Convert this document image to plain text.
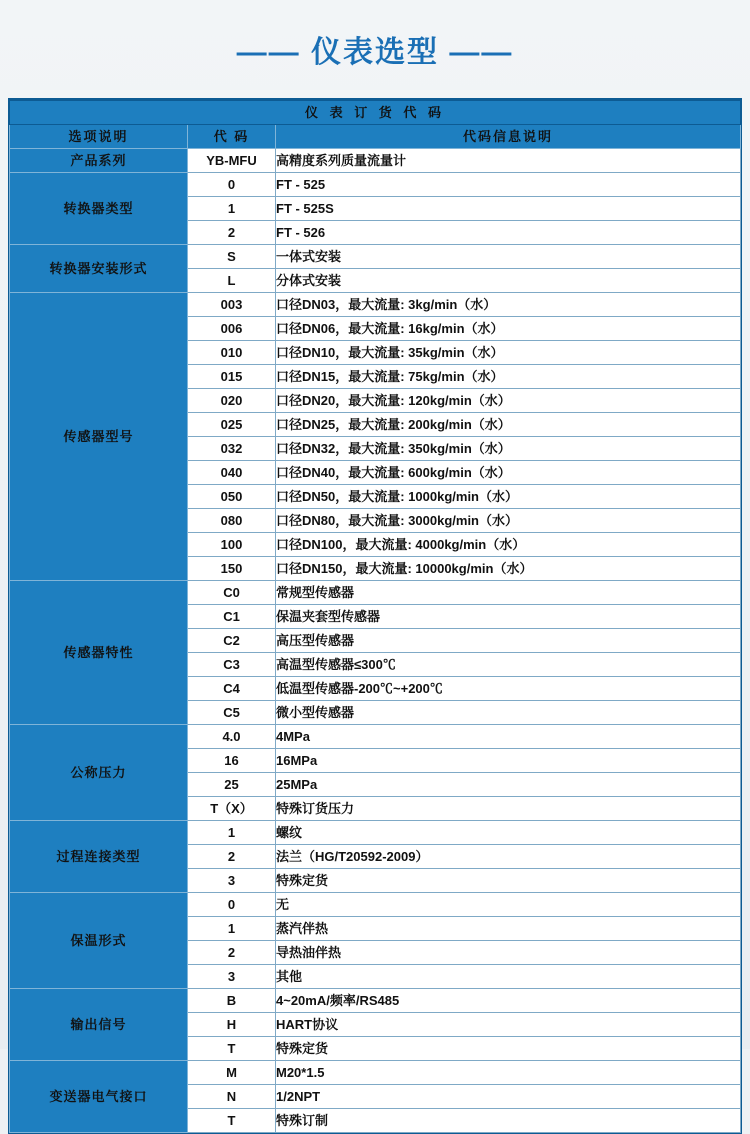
—— 仪表选型 ——
仪 表 订 货 代 码		
选项说明	代 码	代码信息说明
产品系列	YB-MFU	高精度系列质量流量计
转换器类型	0	FT - 525
	1	FT - 525S
	2	FT - 526
转换器安装形式	S	一体式安装
	L	分体式安装
传感器型号	003	口径DN03，最大流量: 3kg/min（水）
	006	口径DN06，最大流量: 16kg/min（水）
	010	口径DN10，最大流量: 35kg/min（水）
	015	口径DN15，最大流量: 75kg/min（水）
	020	口径DN20，最大流量: 120kg/min（水）
	025	口径DN25，最大流量: 200kg/min（水）
	032	口径DN32，最大流量: 350kg/min（水）
	040	口径DN40，最大流量: 600kg/min（水）
	050	口径DN50，最大流量: 1000kg/min（水）
	080	口径DN80，最大流量: 3000kg/min（水）
	100	口径DN100，最大流量: 4000kg/min（水）
	150	口径DN150，最大流量: 10000kg/min（水）
传感器特性	C0	常规型传感器
	C1	保温夹套型传感器
	C2	高压型传感器
	C3	高温型传感器≤300℃
	C4	低温型传感器-200℃~+200℃
	C5	微小型传感器
公称压力	4.0	4MPa
	16	16MPa
	25	25MPa
	T（X）	特殊订货压力
过程连接类型	1	螺纹
	2	法兰（HG/T20592-2009）
	3	特殊定货
保温形式	0	无
	1	蒸汽伴热
	2	导热油伴热
	3	其他
输出信号	B	4~20mA/频率/RS485
	H	HART协议
	T	特殊定货
变送器电气接口	M	M20*1.5
	N	1/2NPT
	T	特殊订制
